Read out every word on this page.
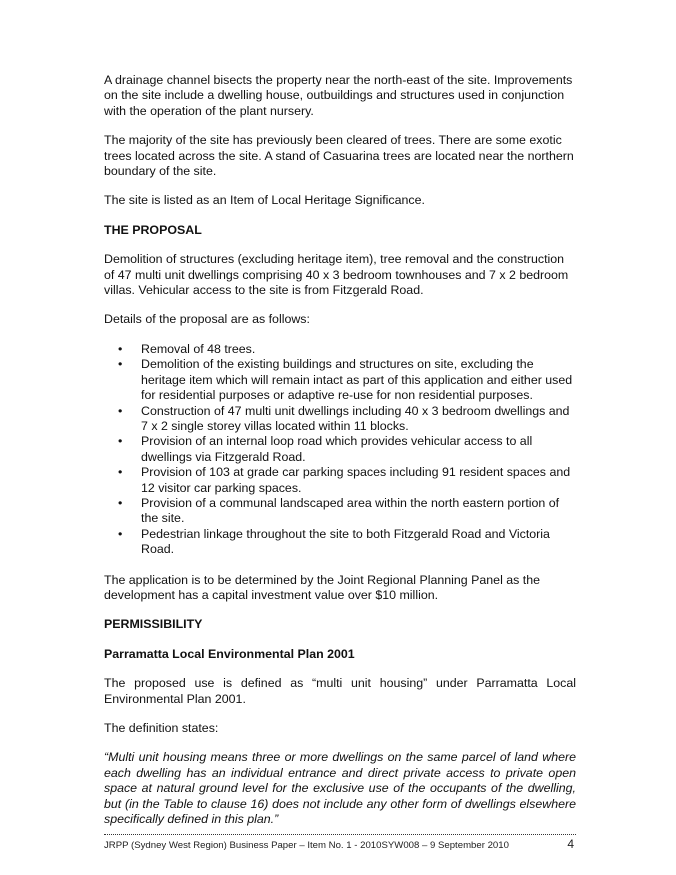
A drainage channel bisects the property near the north-east of the site. Improvements on the site include a dwelling house, outbuildings and structures used in conjunction with the operation of the plant nursery.

The majority of the site has previously been cleared of trees. There are some exotic trees located across the site. A stand of Casuarina trees are located near the northern boundary of the site.

The site is listed as an Item of Local Heritage Significance.

THE PROPOSAL

Demolition of structures (excluding heritage item), tree removal and the construction of 47 multi unit dwellings comprising 40 x 3 bedroom townhouses and 7 x 2 bedroom villas. Vehicular access to the site is from Fitzgerald Road.

Details of the proposal are as follows:

• Removal of 48 trees.
• Demolition of the existing buildings and structures on site, excluding the heritage item which will remain intact as part of this application and either used for residential purposes or adaptive re-use for non residential purposes.
• Construction of 47 multi unit dwellings including 40 x 3 bedroom dwellings and 7 x 2 single storey villas located within 11 blocks.
• Provision of an internal loop road which provides vehicular access to all dwellings via Fitzgerald Road.
• Provision of 103 at grade car parking spaces including 91 resident spaces and 12 visitor car parking spaces.
• Provision of a communal landscaped area within the north eastern portion of the site.
• Pedestrian linkage throughout the site to both Fitzgerald Road and Victoria Road.

The application is to be determined by the Joint Regional Planning Panel as the development has a capital investment value over $10 million.

PERMISSIBILITY
Parramatta Local Environmental Plan 2001

The proposed use is defined as “multi unit housing” under Parramatta Local Environmental Plan 2001.

The definition states:

“Multi unit housing means three or more dwellings on the same parcel of land where each dwelling has an individual entrance and direct private access to private open space at natural ground level for the exclusive use of the occupants of the dwelling, but (in the Table to clause 16) does not include any other form of dwellings elsewhere specifically defined in this plan.”

JRPP (Sydney West Region) Business Paper – Item No. 1 - 2010SYW008 – 9 September 2010	4
